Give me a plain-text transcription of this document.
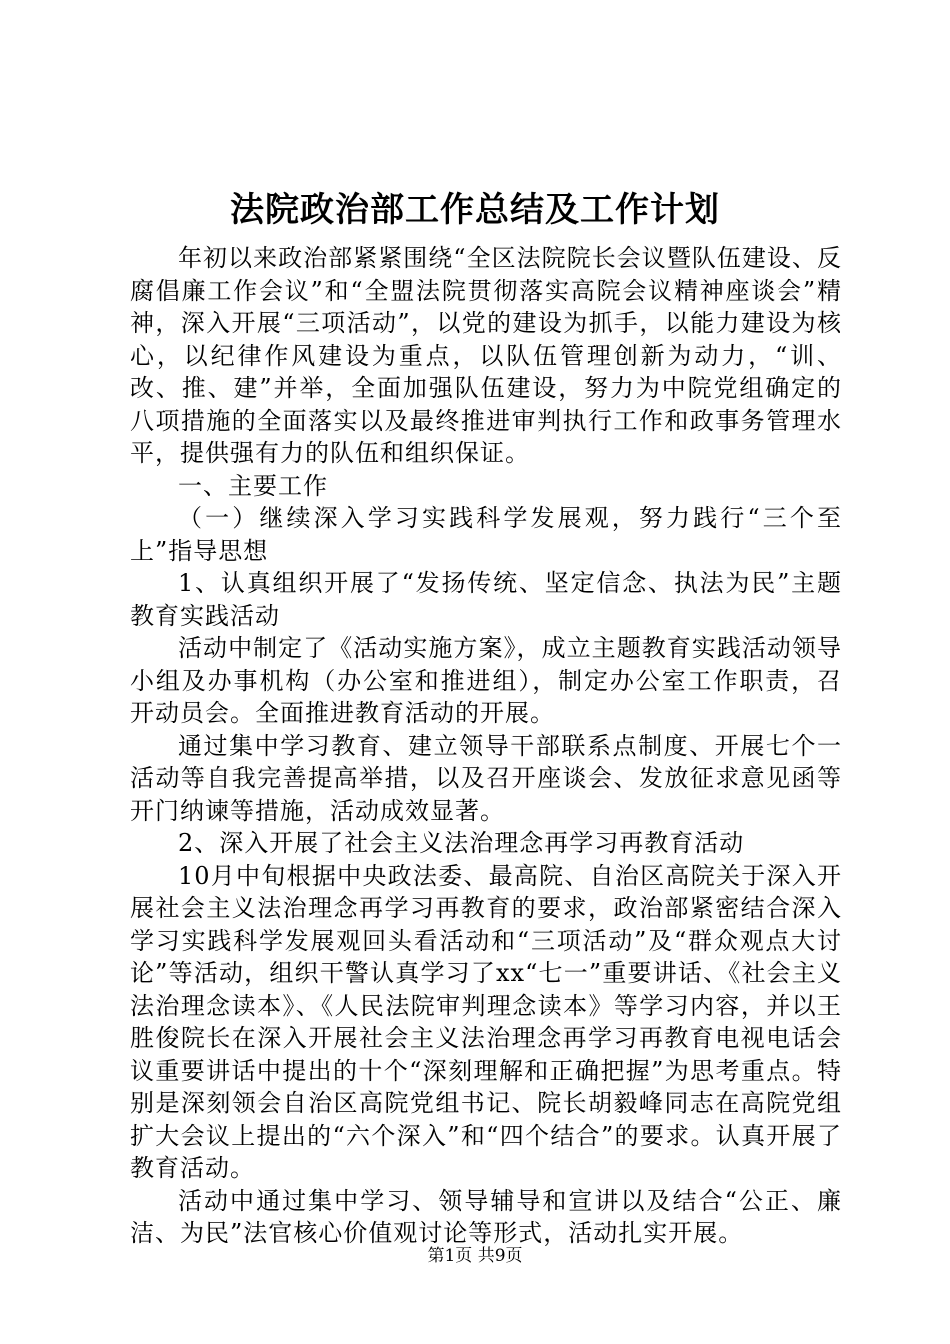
法院政治部工作总结及工作计划

年初以来政治部紧紧围绕“全区法院院长会议暨队伍建设、反腐倡廉工作会议”和“全盟法院贯彻落实高院会议精神座谈会”精神，深入开展“三项活动”，以党的建设为抓手，以能力建设为核心，以纪律作风建设为重点，以队伍管理创新为动力，“训、改、推、建”并举，全面加强队伍建设，努力为中院党组确定的八项措施的全面落实以及最终推进审判执行工作和政事务管理水平，提供强有力的队伍和组织保证。

一、主要工作

（一）继续深入学习实践科学发展观，努力践行“三个至上”指导思想

1、认真组织开展了“发扬传统、坚定信念、执法为民”主题教育实践活动

活动中制定了《活动实施方案》，成立主题教育实践活动领导小组及办事机构（办公室和推进组），制定办公室工作职责，召开动员会。全面推进教育活动的开展。

通过集中学习教育、建立领导干部联系点制度、开展七个一活动等自我完善提高举措，以及召开座谈会、发放征求意见函等开门纳谏等措施，活动成效显著。

2、深入开展了社会主义法治理念再学习再教育活动

10月中旬根据中央政法委、最高院、自治区高院关于深入开展社会主义法治理念再学习再教育的要求，政治部紧密结合深入学习实践科学发展观回头看活动和“三项活动”及“群众观点大讨论”等活动，组织干警认真学习了xx“七一”重要讲话、《社会主义法治理念读本》、《人民法院审判理念读本》等学习内容，并以王胜俊院长在深入开展社会主义法治理念再学习再教育电视电话会议重要讲话中提出的十个“深刻理解和正确把握”为思考重点。特别是深刻领会自治区高院党组书记、院长胡毅峰同志在高院党组扩大会议上提出的“六个深入”和“四个结合”的要求。认真开展了教育活动。

活动中通过集中学习、领导辅导和宣讲以及结合“公正、廉洁、为民”法官核心价值观讨论等形式，活动扎实开展。

第1页 共9页
